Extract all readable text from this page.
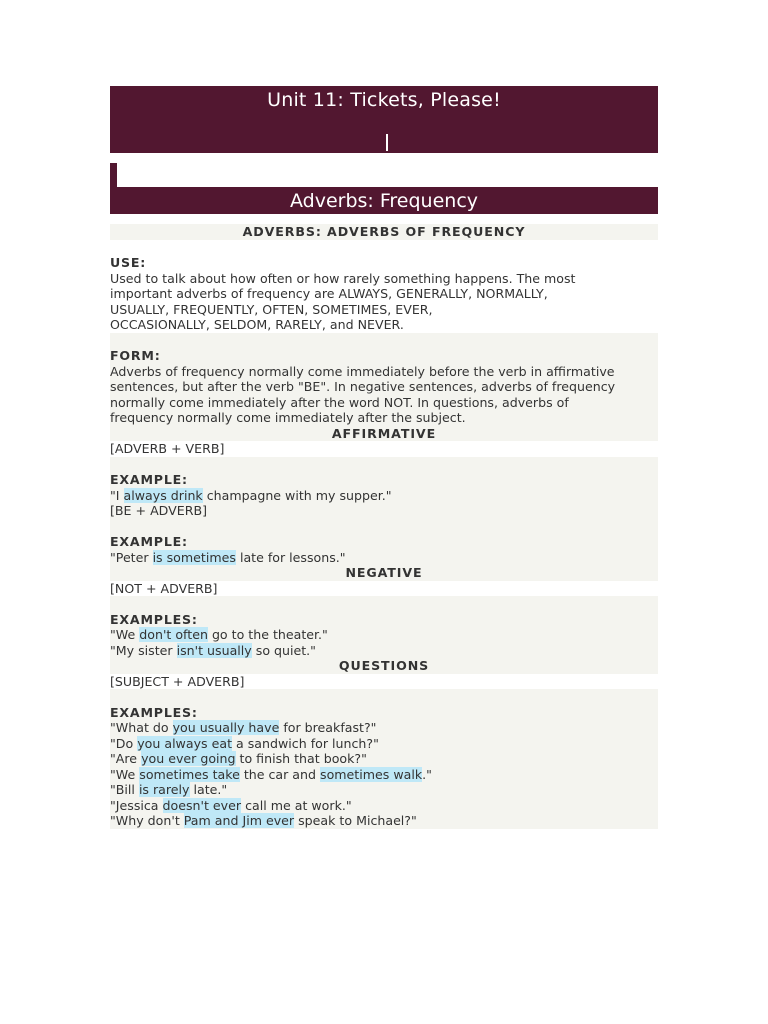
Unit 11: Tickets, Please!
Adverbs: Frequency
ADVERBS: ADVERBS OF FREQUENCY
USE:
Used to talk about how often or how rarely something happens. The most
important adverbs of frequency are ALWAYS, GENERALLY, NORMALLY,
USUALLY, FREQUENTLY, OFTEN, SOMETIMES, EVER,
OCCASIONALLY, SELDOM, RARELY, and NEVER.
FORM:
Adverbs of frequency normally come immediately before the verb in affirmative
sentences, but after the verb "BE". In negative sentences, adverbs of frequency
normally come immediately after the word NOT. In questions, adverbs of
frequency normally come immediately after the subject.
AFFIRMATIVE
[ADVERB + VERB]
EXAMPLE:
"I always drink champagne with my supper."
[BE + ADVERB]
EXAMPLE:
"Peter is sometimes late for lessons."
NEGATIVE
[NOT + ADVERB]
EXAMPLES:
"We don't often go to the theater."
"My sister isn't usually so quiet."
QUESTIONS
[SUBJECT + ADVERB]
EXAMPLES:
"What do you usually have for breakfast?"
"Do you always eat a sandwich for lunch?"
"Are you ever going to finish that book?"
"We sometimes take the car and sometimes walk."
"Bill is rarely late."
"Jessica doesn't ever call me at work."
"Why don't Pam and Jim ever speak to Michael?"
